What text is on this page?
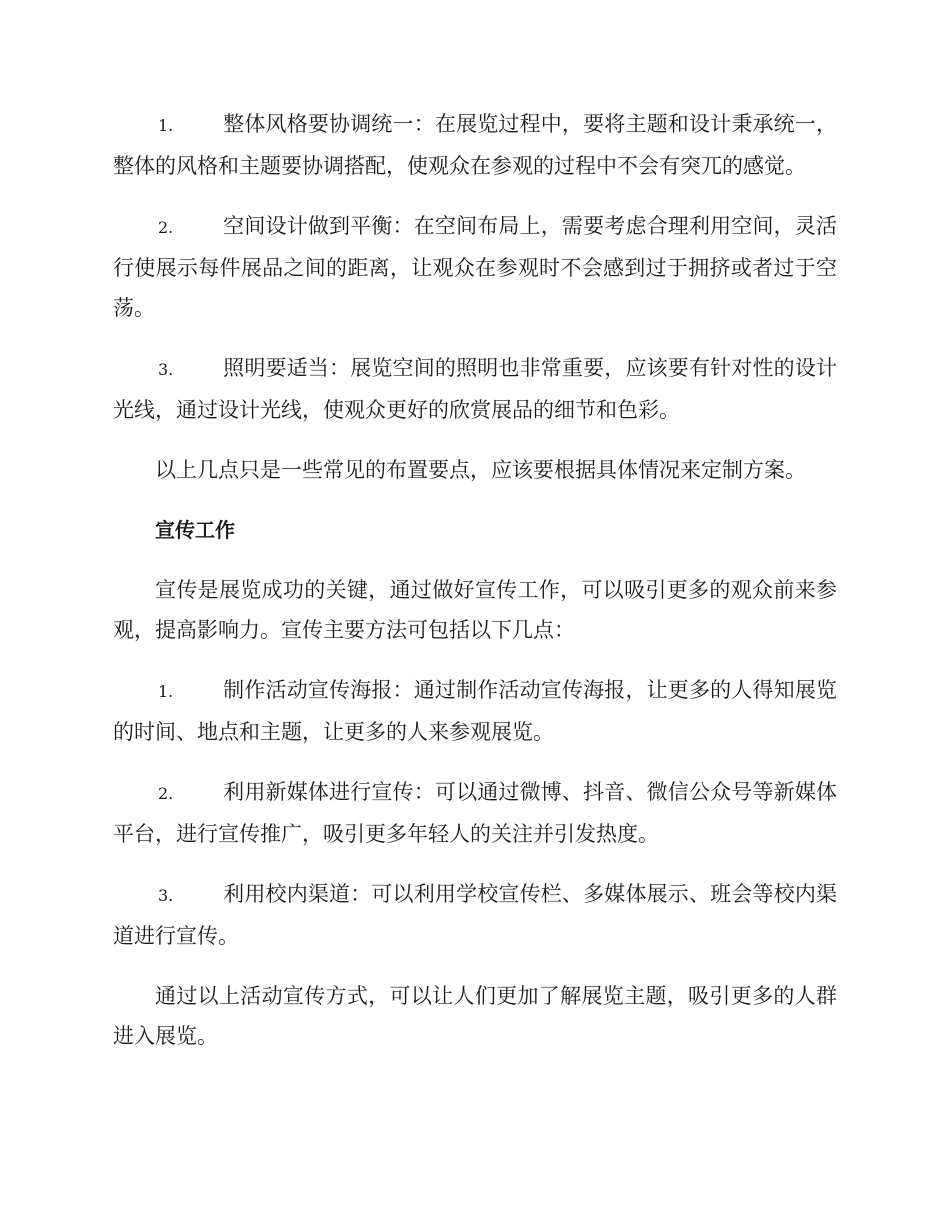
1. 整体风格要协调统一：在展览过程中，要将主题和设计秉承统一，整体的风格和主题要协调搭配，使观众在参观的过程中不会有突兀的感觉。
2. 空间设计做到平衡：在空间布局上，需要考虑合理利用空间，灵活行使展示每件展品之间的距离，让观众在参观时不会感到过于拥挤或者过于空荡。
3. 照明要适当：展览空间的照明也非常重要，应该要有针对性的设计光线，通过设计光线，使观众更好的欣赏展品的细节和色彩。

以上几点只是一些常见的布置要点，应该要根据具体情况来定制方案。

宣传工作

宣传是展览成功的关键，通过做好宣传工作，可以吸引更多的观众前来参观，提高影响力。宣传主要方法可包括以下几点：

1. 制作活动宣传海报：通过制作活动宣传海报，让更多的人得知展览的时间、地点和主题，让更多的人来参观展览。
2. 利用新媒体进行宣传：可以通过微博、抖音、微信公众号等新媒体平台，进行宣传推广，吸引更多年轻人的关注并引发热度。
3. 利用校内渠道：可以利用学校宣传栏、多媒体展示、班会等校内渠道进行宣传。

通过以上活动宣传方式，可以让人们更加了解展览主题，吸引更多的人群进入展览。
